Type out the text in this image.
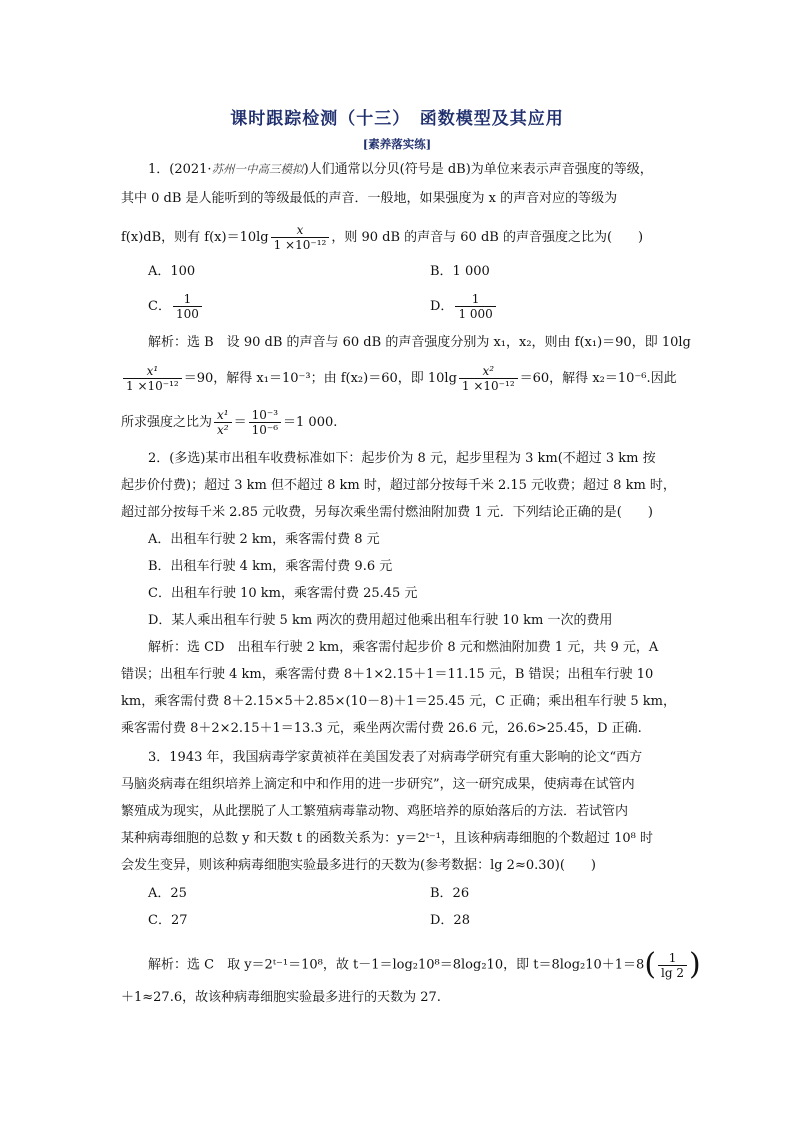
课时跟踪检测（十三）　函数模型及其应用
[素养落实练]
1．(2021·苏州一中高三模拟)人们通常以分贝(符号是 dB)为单位来表示声音强度的等级，
其中 0 dB 是人能听到的等级最低的声音．一般地，如果强度为 x 的声音对应的等级为
f(x)dB，则有 $f(x)=10\lg \frac{x}{\text{1 ×10⁻¹²}}$ ，则 90 dB 的声音与 60 dB 的声音强度之比为(　　)
A．100	B．1 000
C． $\frac{1}{100}$	D． $\frac{1}{1 000}$
解析：选 B　设 90 dB 的声音与 60 dB 的声音强度分别为 x₁，x₂，则由 f(x₁)＝90，即 10lg
$\frac{\text{x¹}}{\text{1 ×10⁻¹²}} =90$，解得 x₁＝10⁻³；由 f(x₂)＝60，即 $10\lg \frac{\text{x²}}{\text{1 ×10⁻¹²}} =60$，解得 x₂＝10⁻⁶.因此
所求强度之比为 $\frac{\text{x¹}}{\text{x²}} = \frac{\text{10⁻³}}{\text{10⁻⁶}} =1$ 000.
2．(多选)某市出租车收费标准如下：起步价为 8 元，起步里程为 3 km(不超过 3 km 按
起步价付费)；超过 3 km 但不超过 8 km 时，超过部分按每千米 2.15 元收费；超过 8 km 时，
超过部分按每千米 2.85 元收费，另每次乘坐需付燃油附加费 1 元．下列结论正确的是(　　)
A．出租车行驶 2 km，乘客需付费 8 元
B．出租车行驶 4 km，乘客需付费 9.6 元
C．出租车行驶 10 km，乘客需付费 25.45 元
D．某人乘出租车行驶 5 km 两次的费用超过他乘出租车行驶 10 km 一次的费用
解析：选 CD　出租车行驶 2 km，乘客需付起步价 8 元和燃油附加费 1 元，共 9 元，A
错误；出租车行驶 4 km，乘客需付费 8＋1×2.15＋1＝11.15 元，B 错误；出租车行驶 10
km，乘客需付费 8＋2.15×5＋2.85×(10－8)＋1＝25.45 元，C 正确；乘出租车行驶 5 km，
乘客需付费 8＋2×2.15＋1＝13.3 元，乘坐两次需付费 26.6 元，26.6>25.45，D 正确.
3．1943 年，我国病毒学家黄祯祥在美国发表了对病毒学研究有重大影响的论文“西方
马脑炎病毒在组织培养上滴定和中和作用的进一步研究”，这一研究成果，使病毒在试管内
繁殖成为现实，从此摆脱了人工繁殖病毒靠动物、鸡胚培养的原始落后的方法．若试管内
某种病毒细胞的总数 y 和天数 t 的函数关系为：y＝2ᵗ⁻¹，且该种病毒细胞的个数超过 10⁸ 时
会发生变异，则该种病毒细胞实验最多进行的天数为(参考数据：lg 2≈0.30)(　　)
A．25	B．26
C．27	D．28
解析：选 C　取 y＝2ᵗ⁻¹＝10⁸，故 t－1＝log₂10⁸＝8log₂10，即 $t=8\log_210+1=8( \frac{1}{\lg 2}$ )
＋1≈27.6，故该种病毒细胞实验最多进行的天数为 27.
